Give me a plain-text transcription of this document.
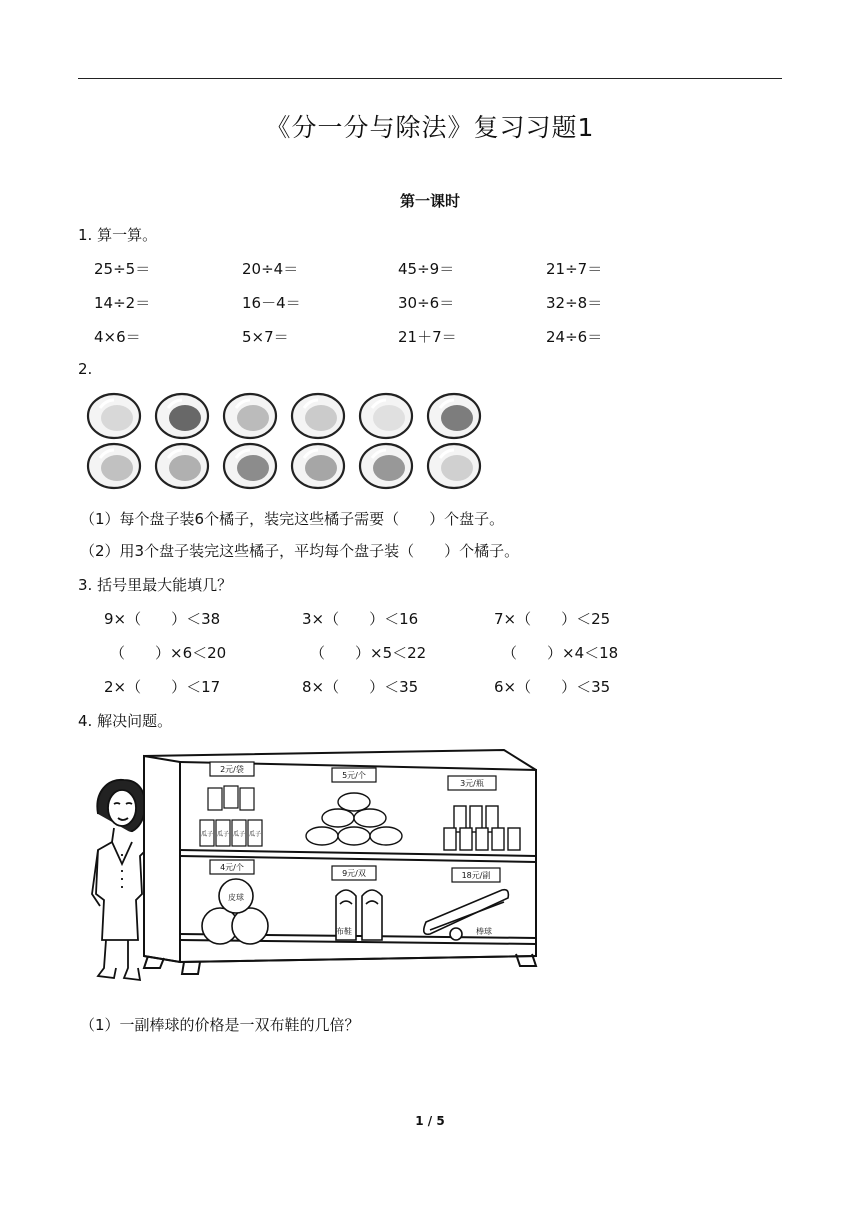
《分一分与除法》复习习题1
第一课时
1. 算一算。
25÷5＝	20÷4＝	45÷9＝	21÷7＝
14÷2＝	16－4＝	30÷6＝	32÷8＝
4×6＝	5×7＝	21＋7＝	24÷6＝
2.
（1）每个盘子装6个橘子，装完这些橘子需要（　　）个盘子。
（2）用3个盘子装完这些橘子，平均每个盘子装（　　）个橘子。
3. 括号里最大能填几？
9×（　　）＜38	3×（　　）＜16	7×（　　）＜25
（　　）×6＜20	（　　）×5＜22	（　　）×4＜18
2×（　　）＜17	8×（　　）＜35	6×（　　）＜35
4. 解决问题。
2元/袋
5元/个
3元/瓶
4元/个
9元/双	18元/副
瓜子 瓜子 瓜子 瓜子
皮球
布鞋	棒球
（1）一副棒球的价格是一双布鞋的几倍？
1 / 5
